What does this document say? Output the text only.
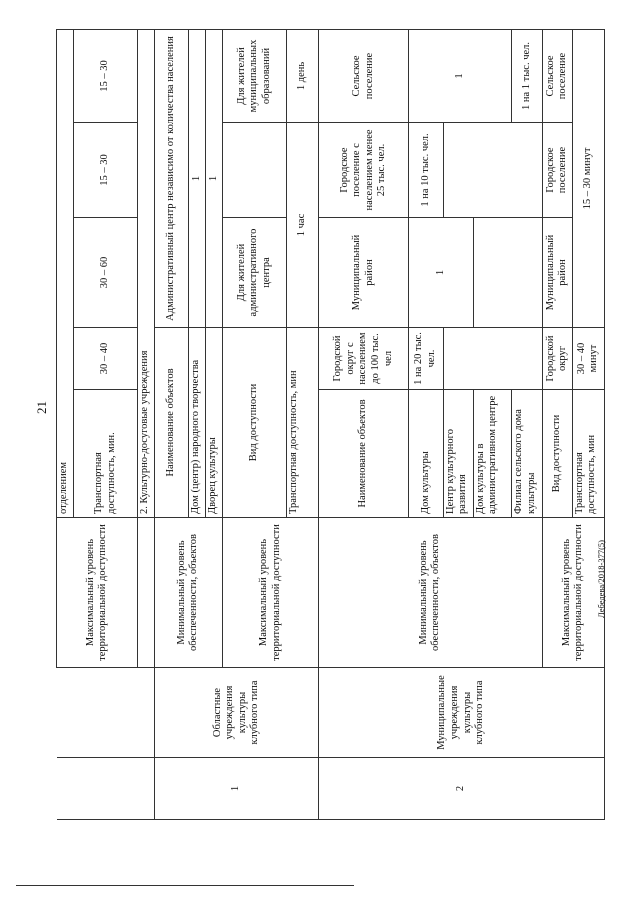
21
		Максимальный уровень территориальной доступности	отделением				
			Транспортная доступность, мин.	30 – 40	30 – 60	15 – 30	15 – 30
			2. Культурно-досуговые учреждения				
1	Областные учреждения культуры клубного типа	Минимальный уровень обеспеченности, объектов	Наименование объектов		Административный центр независимо от количества населения		
			Дом (центр) народного творчества		1		
			Дворец культуры		1		
		Максимальный уровень территориальной доступности	Вид доступности		Для жителей административного центра		Для жителей муниципальных образований

			Транспортная доступность, мин		1 час		1 день
2	Муниципальные учреждения культуры клубного типа	Минимальный уровень обеспеченности, объектов	Наименование объектов	Городской округ с населением до 100 тыс. чел	Муниципальный район	Городское поселение с населением менее 25 тыс. чел.	Сельское поселение
			Дом культуры	1 на 20 тыс. чел.	1	1 на 10 тыс. чел.	1
			Центр культурного развития				
			Дом культуры в административном центре				
			Филиал сельского дома культуры				1 на 1 тыс. чел.
		Максимальный уровень территориальной доступности	Вид доступности	Городской округ	Муниципальный район	Городское поселение	Сельское поселение
			Транспортная доступность, мин	30 – 40 минут	15 – 30 минут		
Лебедева/2018-377(5)
